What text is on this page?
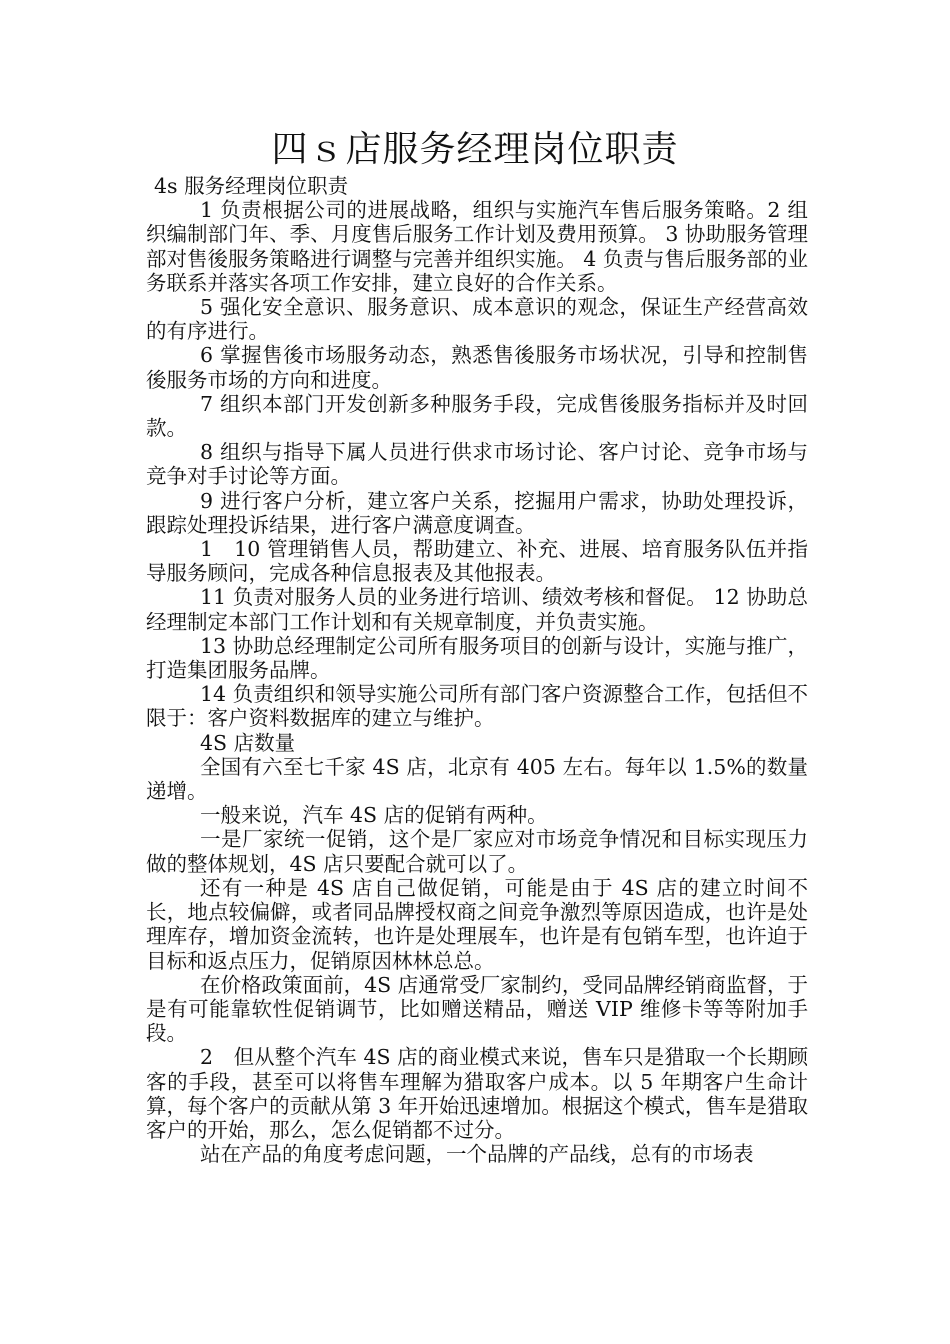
四ｓ店服务经理岗位职责

4s 服务经理岗位职责

1 负责根据公司的进展战略，组织与实施汽车售后服务策略。2 组织编制部门年、季、月度售后服务工作计划及费用预算。 3 协助服务管理部对售後服务策略进行调整与完善并组织实施。 4 负责与售后服务部的业务联系并落实各项工作安排，建立良好的合作关系。

5 强化安全意识、服务意识、成本意识的观念，保证生产经营高效的有序进行。

6 掌握售後市场服务动态，熟悉售後服务市场状况，引导和控制售後服务市场的方向和进度。

7 组织本部门开发创新多种服务手段，完成售後服务指标并及时回款。

8 组织与指导下属人员进行供求市场讨论、客户讨论、竞争市场与竞争对手讨论等方面。

9 进行客户分析，建立客户关系，挖掘用户需求，协助处理投诉，跟踪处理投诉结果，进行客户满意度调查。

1　10 管理销售人员，帮助建立、补充、进展、培育服务队伍并指导服务顾问，完成各种信息报表及其他报表。

11 负责对服务人员的业务进行培训、绩效考核和督促。 12 协助总经理制定本部门工作计划和有关规章制度，并负责实施。

13 协助总经理制定公司所有服务项目的创新与设计，实施与推广，打造集团服务品牌。

14 负责组织和领导实施公司所有部门客户资源整合工作，包括但不限于：客户资料数据库的建立与维护。

4S 店数量

全国有六至七千家 4S 店，北京有 405 左右。每年以 1.5%的数量递增。

一般来说，汽车 4S 店的促销有两种。

一是厂家统一促销，这个是厂家应对市场竞争情况和目标实现压力做的整体规划，4S 店只要配合就可以了。

还有一种是 4S 店自己做促销，可能是由于 4S 店的建立时间不长，地点较偏僻，或者同品牌授权商之间竞争激烈等原因造成，也许是处理库存，增加资金流转，也许是处理展车，也许是有包销车型，也许迫于目标和返点压力，促销原因林林总总。

在价格政策面前，4S 店通常受厂家制约，受同品牌经销商监督，于是有可能靠软性促销调节，比如赠送精品，赠送 VIP 维修卡等等附加手段。

2　但从整个汽车 4S 店的商业模式来说，售车只是猎取一个长期顾客的手段，甚至可以将售车理解为猎取客户成本。以 5 年期客户生命计算，每个客户的贡献从第 3 年开始迅速增加。根据这个模式，售车是猎取客户的开始，那么，怎么促销都不过分。

站在产品的角度考虑问题，一个品牌的产品线，总有的市场表
